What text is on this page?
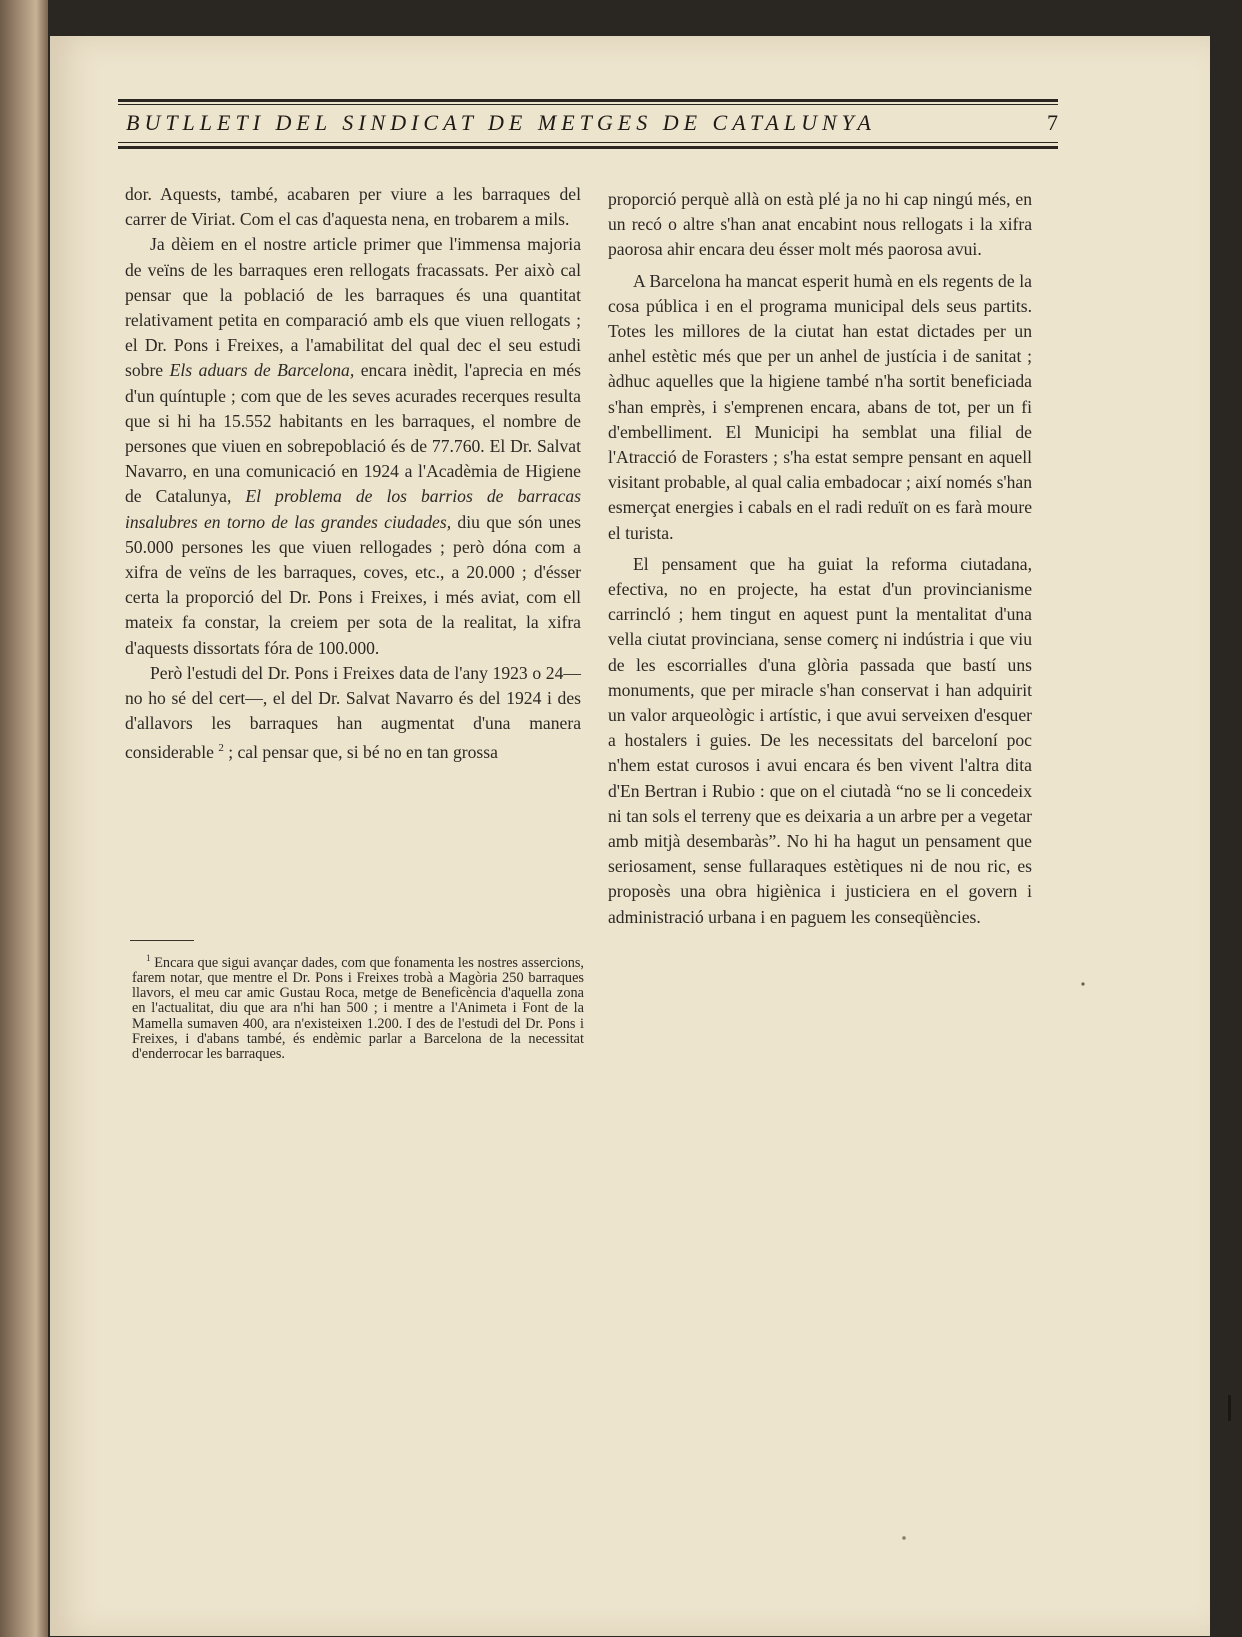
BUTLLETI DEL SINDICAT DE METGES DE CATALUNYA	7

dor. Aquests, també, acabaren per viure a les barraques del carrer de Viriat. Com el cas d'aquesta nena, en trobarem a mils.

Ja dèiem en el nostre article primer que l'immensa majoria de veïns de les barraques eren rellogats fracassats. Per això cal pensar que la població de les barraques és una quantitat relativament petita en comparació amb els que viuen rellogats ; el Dr. Pons i Freixes, a l'amabilitat del qual dec el seu estudi sobre Els aduars de Barcelona, encara inèdit, l'aprecia en més d'un quíntuple ; com que de les seves acurades recerques resulta que si hi ha 15.552 habitants en les barraques, el nombre de persones que viuen en sobrepoblació és de 77.760. El Dr. Salvat Navarro, en una comunicació en 1924 a l'Acadèmia de Higiene de Catalunya, El problema de los barrios de barracas insalubres en torno de las grandes ciudades, diu que són unes 50.000 persones les que viuen rellogades ; però dóna com a xifra de veïns de les barraques, coves, etc., a 20.000 ; d'ésser certa la proporció del Dr. Pons i Freixes, i més aviat, com ell mateix fa constar, la creiem per sota de la realitat, la xifra d'aquests dissortats fóra de 100.000.

Però l'estudi del Dr. Pons i Freixes data de l'any 1923 o 24—no ho sé del cert—, el del Dr. Salvat Navarro és del 1924 i des d'allavors les barraques han augmentat d'una manera considerable $^2$ ; cal pensar que, si bé no en tan grossa

$^1$ Encara que sigui avançar dades, com que fonamenta les nostres assercions, farem notar, que mentre el Dr. Pons i Freixes trobà a Magòria 250 barraques llavors, el meu car amic Gustau Roca, metge de Beneficència d'aquella zona en l'actualitat, diu que ara n'hi han 500 ; i mentre a l'Animeta i Font de la Mamella sumaven 400, ara n'existeixen 1.200. I des de l'estudi del Dr. Pons i Freixes, i d'abans també, és endèmic parlar a Barcelona de la necessitat d'enderrocar les barraques.

proporció perquè allà on està plé ja no hi cap ningú més, en un recó o altre s'han anat encabint nous rellogats i la xifra paorosa ahir encara deu ésser molt més paorosa avui.

A Barcelona ha mancat esperit humà en els regents de la cosa pública i en el programa municipal dels seus partits. Totes les millores de la ciutat han estat dictades per un anhel estètic més que per un anhel de justícia i de sanitat ; àdhuc aquelles que la higiene també n'ha sortit beneficiada s'han emprès, i s'emprenen encara, abans de tot, per un fi d'embelliment. El Municipi ha semblat una filial de l'Atracció de Forasters ; s'ha estat sempre pensant en aquell visitant probable, al qual calia embadocar ; així només s'han esmerçat energies i cabals en el radi reduït on es farà moure el turista.

El pensament que ha guiat la reforma ciutadana, efectiva, no en projecte, ha estat d'un provincianisme carrincló ; hem tingut en aquest punt la mentalitat d'una vella ciutat provinciana, sense comerç ni indústria i que viu de les escorrialles d'una glòria passada que bastí uns monuments, que per miracle s'han conservat i han adquirit un valor arqueològic i artístic, i que avui serveixen d'esquer a hostalers i guies. De les necessitats del barceloní poc n'hem estat curosos i avui encara és ben vivent l'altra dita d'En Bertran i Rubio : que on el ciutadà “no se li concedeix ni tan sols el terreny que es deixaria a un arbre per a vegetar amb mitjà desembaràs”. No hi ha hagut un pensament que seriosament, sense fullaraques estètiques ni de nou ric, es proposès una obra higiènica i justiciera en el govern i administració urbana i en paguem les conseqüències.
